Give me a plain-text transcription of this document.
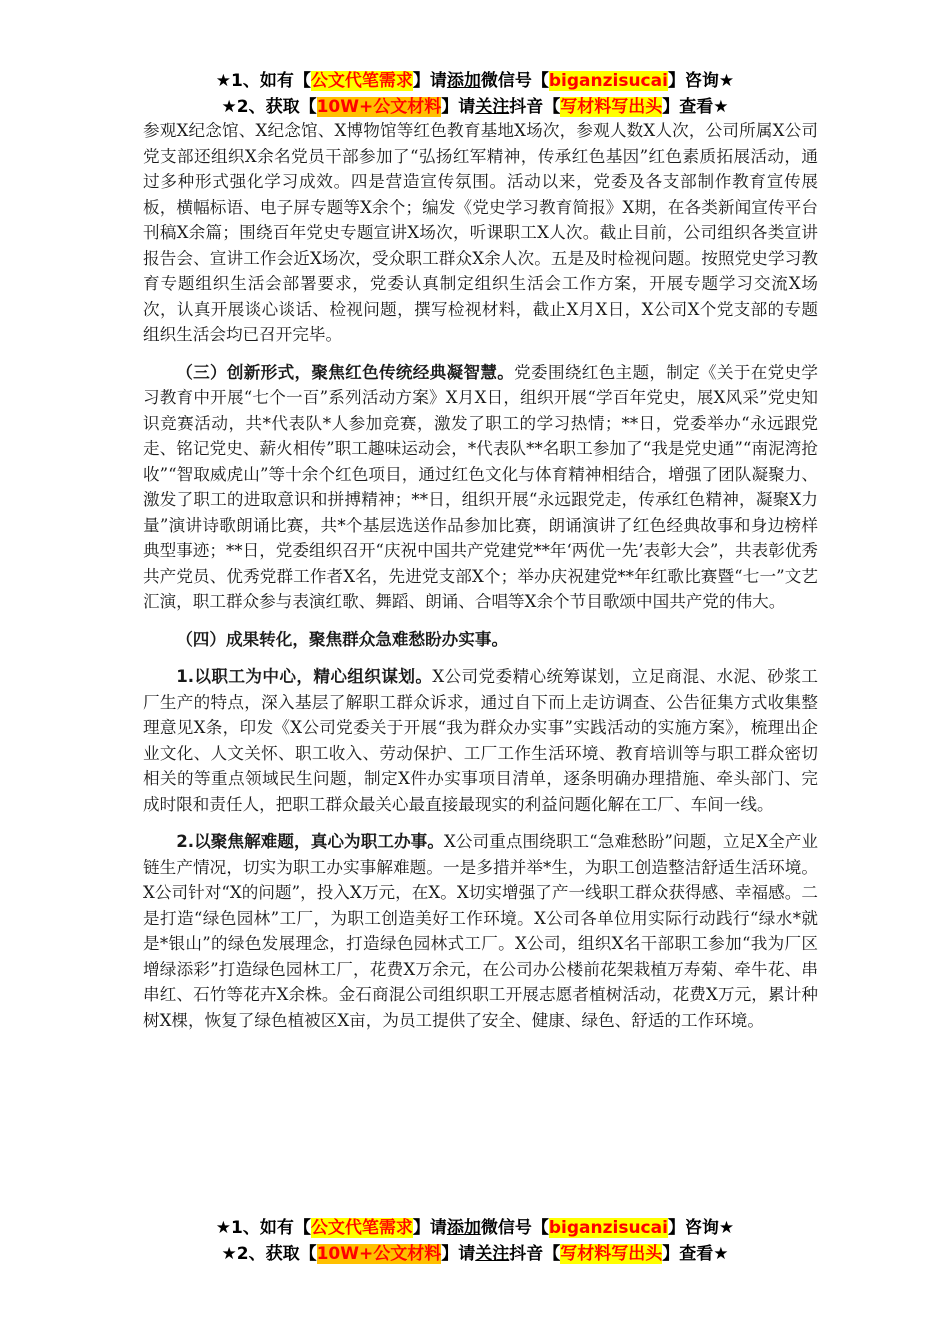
★1、如有【公文代笔需求】请添加微信号【biganzisucai】咨询★
★2、获取【10W+公文材料】请关注抖音【写材料写出头】查看★

参观X纪念馆、X纪念馆、X博物馆等红色教育基地X场次，参观人数X人次，公司所属X公司党支部还组织X余名党员干部参加了“弘扬红军精神，传承红色基因”红色素质拓展活动，通过多种形式强化学习成效。四是营造宣传氛围。活动以来，党委及各支部制作教育宣传展板，横幅标语、电子屏专题等X余个；编发《党史学习教育简报》X期，在各类新闻宣传平台刊稿X余篇；围绕百年党史专题宣讲X场次，听课职工X人次。截止目前，公司组织各类宣讲报告会、宣讲工作会近X场次，受众职工群众X余人次。五是及时检视问题。按照党史学习教育专题组织生活会部署要求，党委认真制定组织生活会工作方案，开展专题学习交流X场次，认真开展谈心谈话、检视问题，撰写检视材料，截止X月X日，X公司X个党支部的专题组织生活会均已召开完毕。

（三）创新形式，聚焦红色传统经典凝智慧。党委围绕红色主题，制定《关于在党史学习教育中开展“七个一百”系列活动方案》X月X日，组织开展“学百年党史，展X风采”党史知识竞赛活动，共*代表队*人参加竞赛，激发了职工的学习热情；**日，党委举办“永远跟党走、铭记党史、薪火相传”职工趣味运动会，*代表队**名职工参加了“我是党史通”“南泥湾抢收”“智取威虎山”等十余个红色项目，通过红色文化与体育精神相结合，增强了团队凝聚力、激发了职工的进取意识和拼搏精神；**日，组织开展“永远跟党走，传承红色精神，凝聚X力量”演讲诗歌朗诵比赛，共*个基层选送作品参加比赛，朗诵演讲了红色经典故事和身边榜样典型事迹；**日，党委组织召开“庆祝中国共产党建党**年‘两优一先’表彰大会”，共表彰优秀共产党员、优秀党群工作者X名，先进党支部X个；举办庆祝建党**年红歌比赛暨“七一”文艺汇演，职工群众参与表演红歌、舞蹈、朗诵、合唱等X余个节目歌颂中国共产党的伟大。

（四）成果转化，聚焦群众急难愁盼办实事。

1.以职工为中心，精心组织谋划。X公司党委精心统筹谋划，立足商混、水泥、砂浆工厂生产的特点，深入基层了解职工群众诉求，通过自下而上走访调查、公告征集方式收集整理意见X条，印发《X公司党委关于开展“我为群众办实事”实践活动的实施方案》，梳理出企业文化、人文关怀、职工收入、劳动保护、工厂工作生活环境、教育培训等与职工群众密切相关的等重点领域民生问题，制定X件办实事项目清单，逐条明确办理措施、牵头部门、完成时限和责任人，把职工群众最关心最直接最现实的利益问题化解在工厂、车间一线。

2.以聚焦解难题，真心为职工办事。X公司重点围绕职工“急难愁盼”问题，立足X全产业链生产情况，切实为职工办实事解难题。一是多措并举*生，为职工创造整洁舒适生活环境。X公司针对“X的问题”，投入X万元，在X。X切实增强了产一线职工群众获得感、幸福感。二是打造“绿色园林”工厂，为职工创造美好工作环境。X公司各单位用实际行动践行“绿水*就是*银山”的绿色发展理念，打造绿色园林式工厂。X公司，组织X名干部职工参加“我为厂区增绿添彩”打造绿色园林工厂，花费X万余元，在公司办公楼前花架栽植万寿菊、牵牛花、串串红、石竹等花卉X余株。金石商混公司组织职工开展志愿者植树活动，花费X万元，累计种树X棵，恢复了绿色植被区X亩，为员工提供了安全、健康、绿色、舒适的工作环境。

★1、如有【公文代笔需求】请添加微信号【biganzisucai】咨询★
★2、获取【10W+公文材料】请关注抖音【写材料写出头】查看★
